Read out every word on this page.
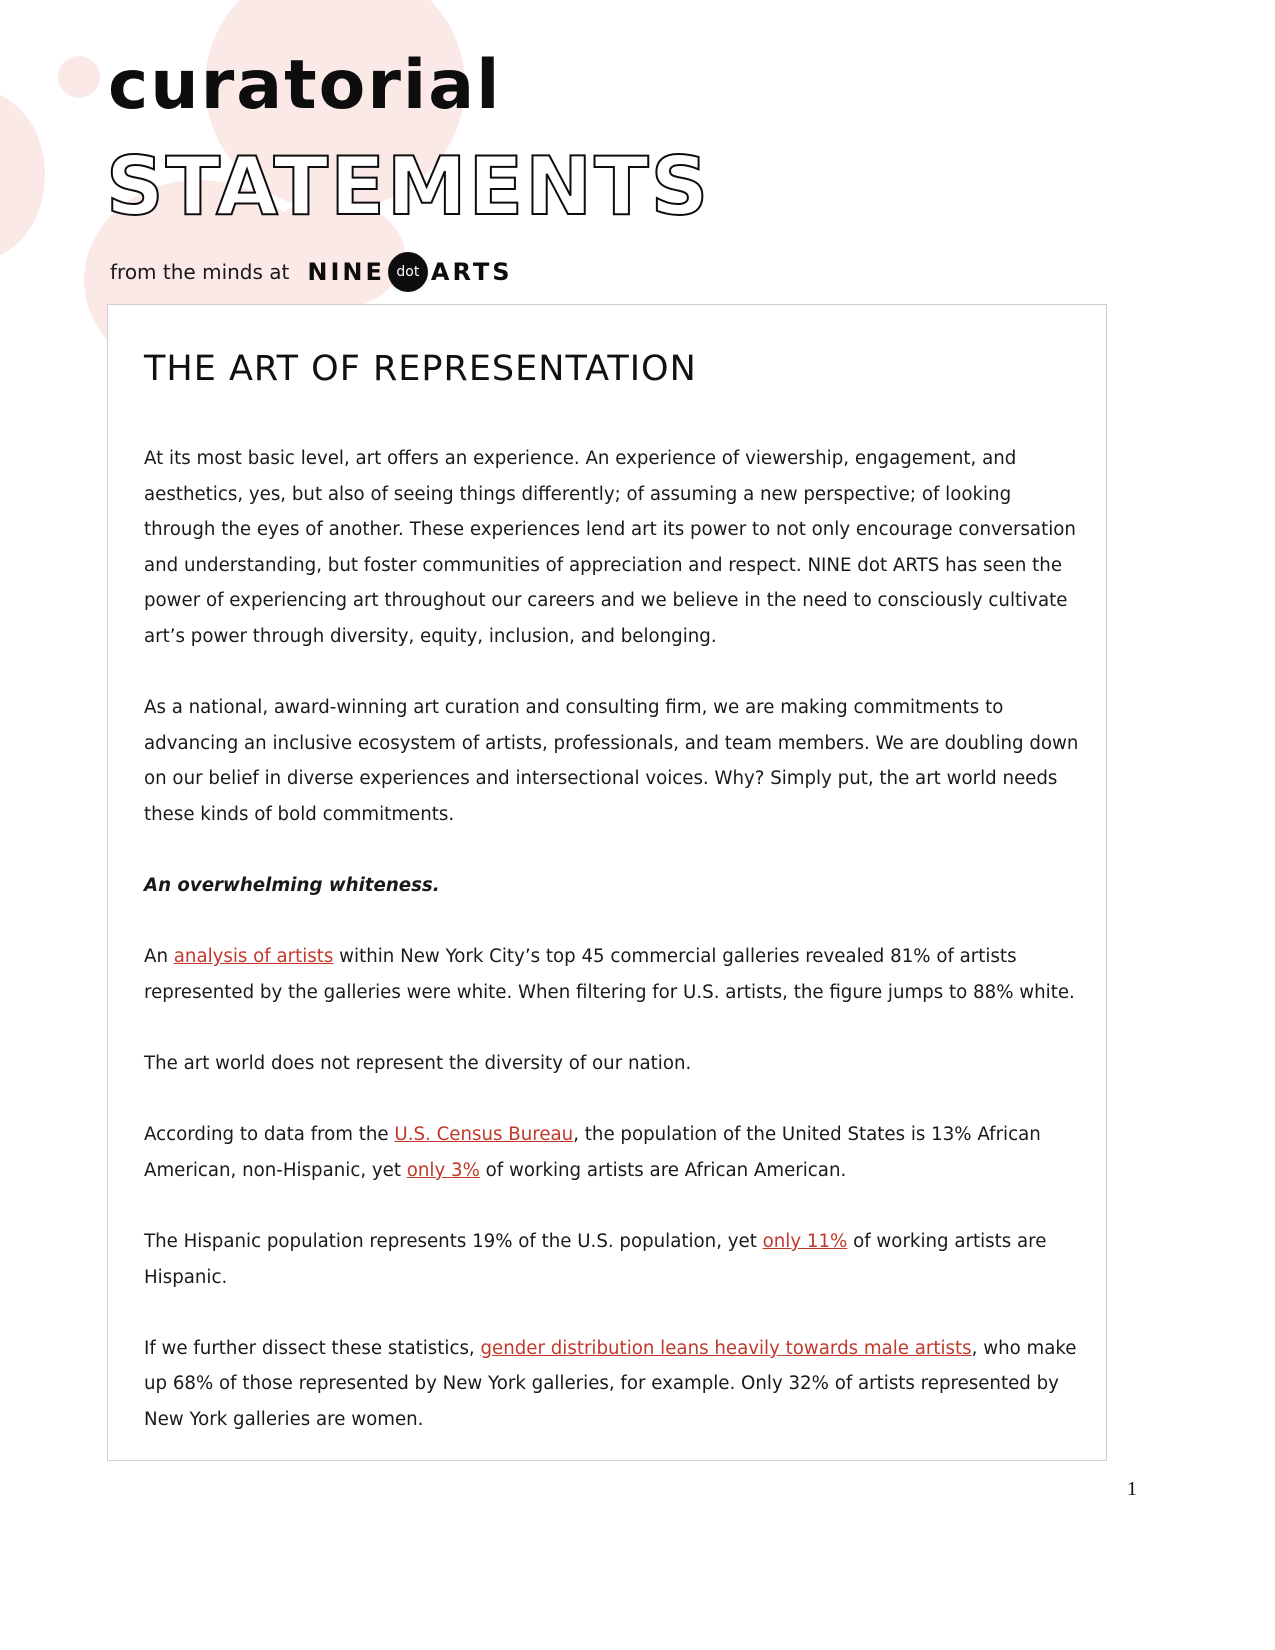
curatorial
STATEMENTS
from the minds at NINE dot ARTS
THE ART OF REPRESENTATION

At its most basic level, art offers an experience. An experience of viewership, engagement, and aesthetics, yes, but also of seeing things differently; of assuming a new perspective; of looking through the eyes of another. These experiences lend art its power to not only encourage conversation and understanding, but foster communities of appreciation and respect. NINE dot ARTS has seen the power of experiencing art throughout our careers and we believe in the need to consciously cultivate art’s power through diversity, equity, inclusion, and belonging.

As a national, award-winning art curation and consulting firm, we are making commitments to advancing an inclusive ecosystem of artists, professionals, and team members. We are doubling down on our belief in diverse experiences and intersectional voices. Why? Simply put, the art world needs these kinds of bold commitments.

An overwhelming whiteness.

An analysis of artists within New York City’s top 45 commercial galleries revealed 81% of artists represented by the galleries were white. When filtering for U.S. artists, the figure jumps to 88% white.

The art world does not represent the diversity of our nation.

According to data from the U.S. Census Bureau, the population of the United States is 13% African American, non-Hispanic, yet only 3% of working artists are African American.

The Hispanic population represents 19% of the U.S. population, yet only 11% of working artists are Hispanic.

If we further dissect these statistics, gender distribution leans heavily towards male artists, who make up 68% of those represented by New York galleries, for example. Only 32% of artists represented by New York galleries are women.

1
